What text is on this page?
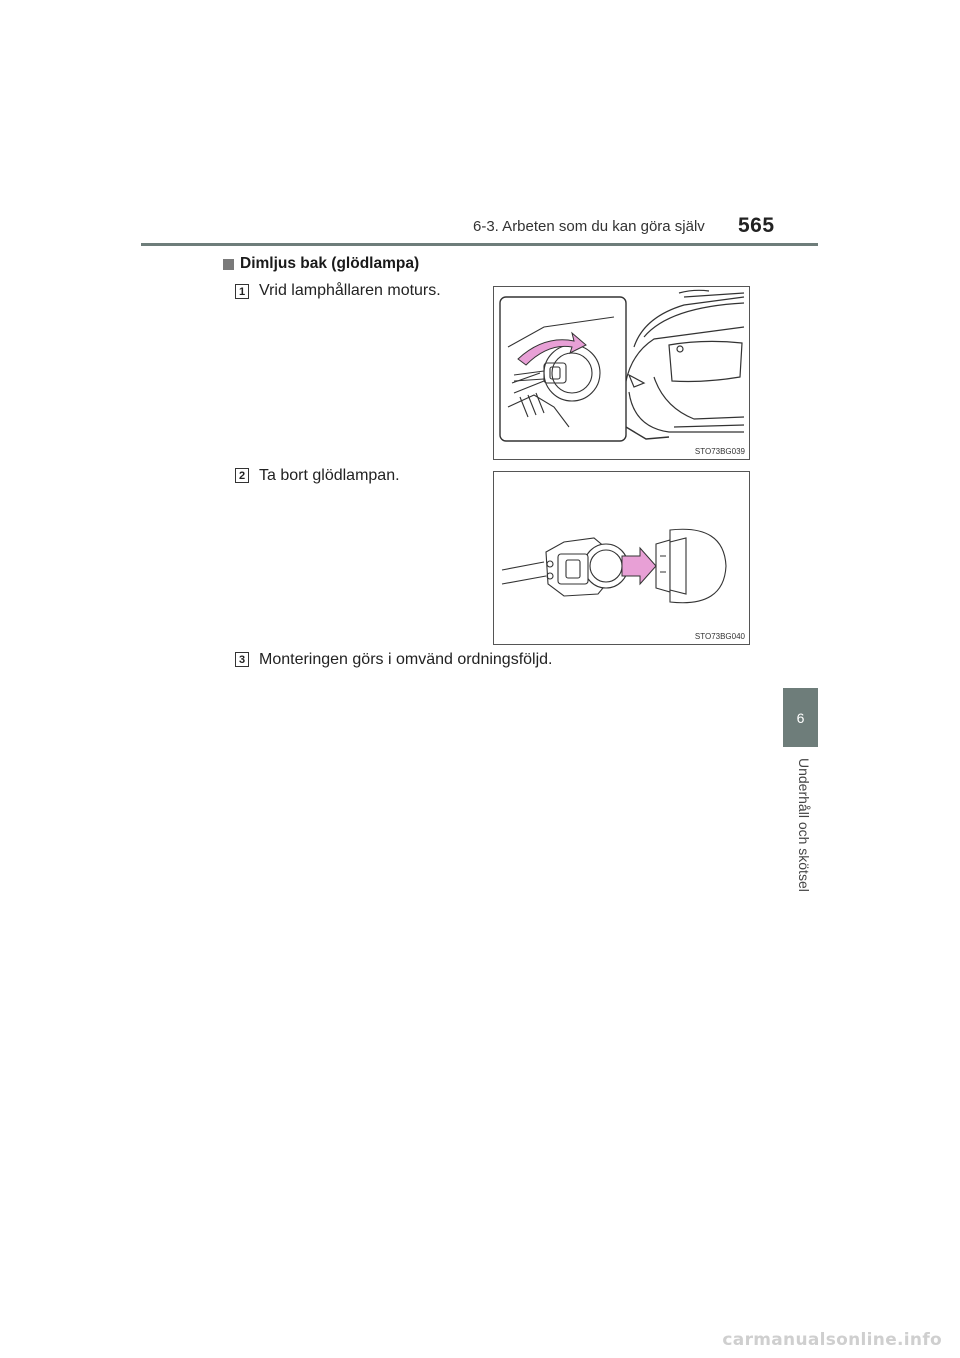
6-3. Arbeten som du kan göra själv	565
6
Underhåll och skötsel
Dimljus bak (glödlampa)
1 Vrid lamphållaren moturs.
STO73BG039
2 Ta bort glödlampan.
STO73BG040
3 Monteringen görs i omvänd ordningsföljd.
carmanualsonline.info
